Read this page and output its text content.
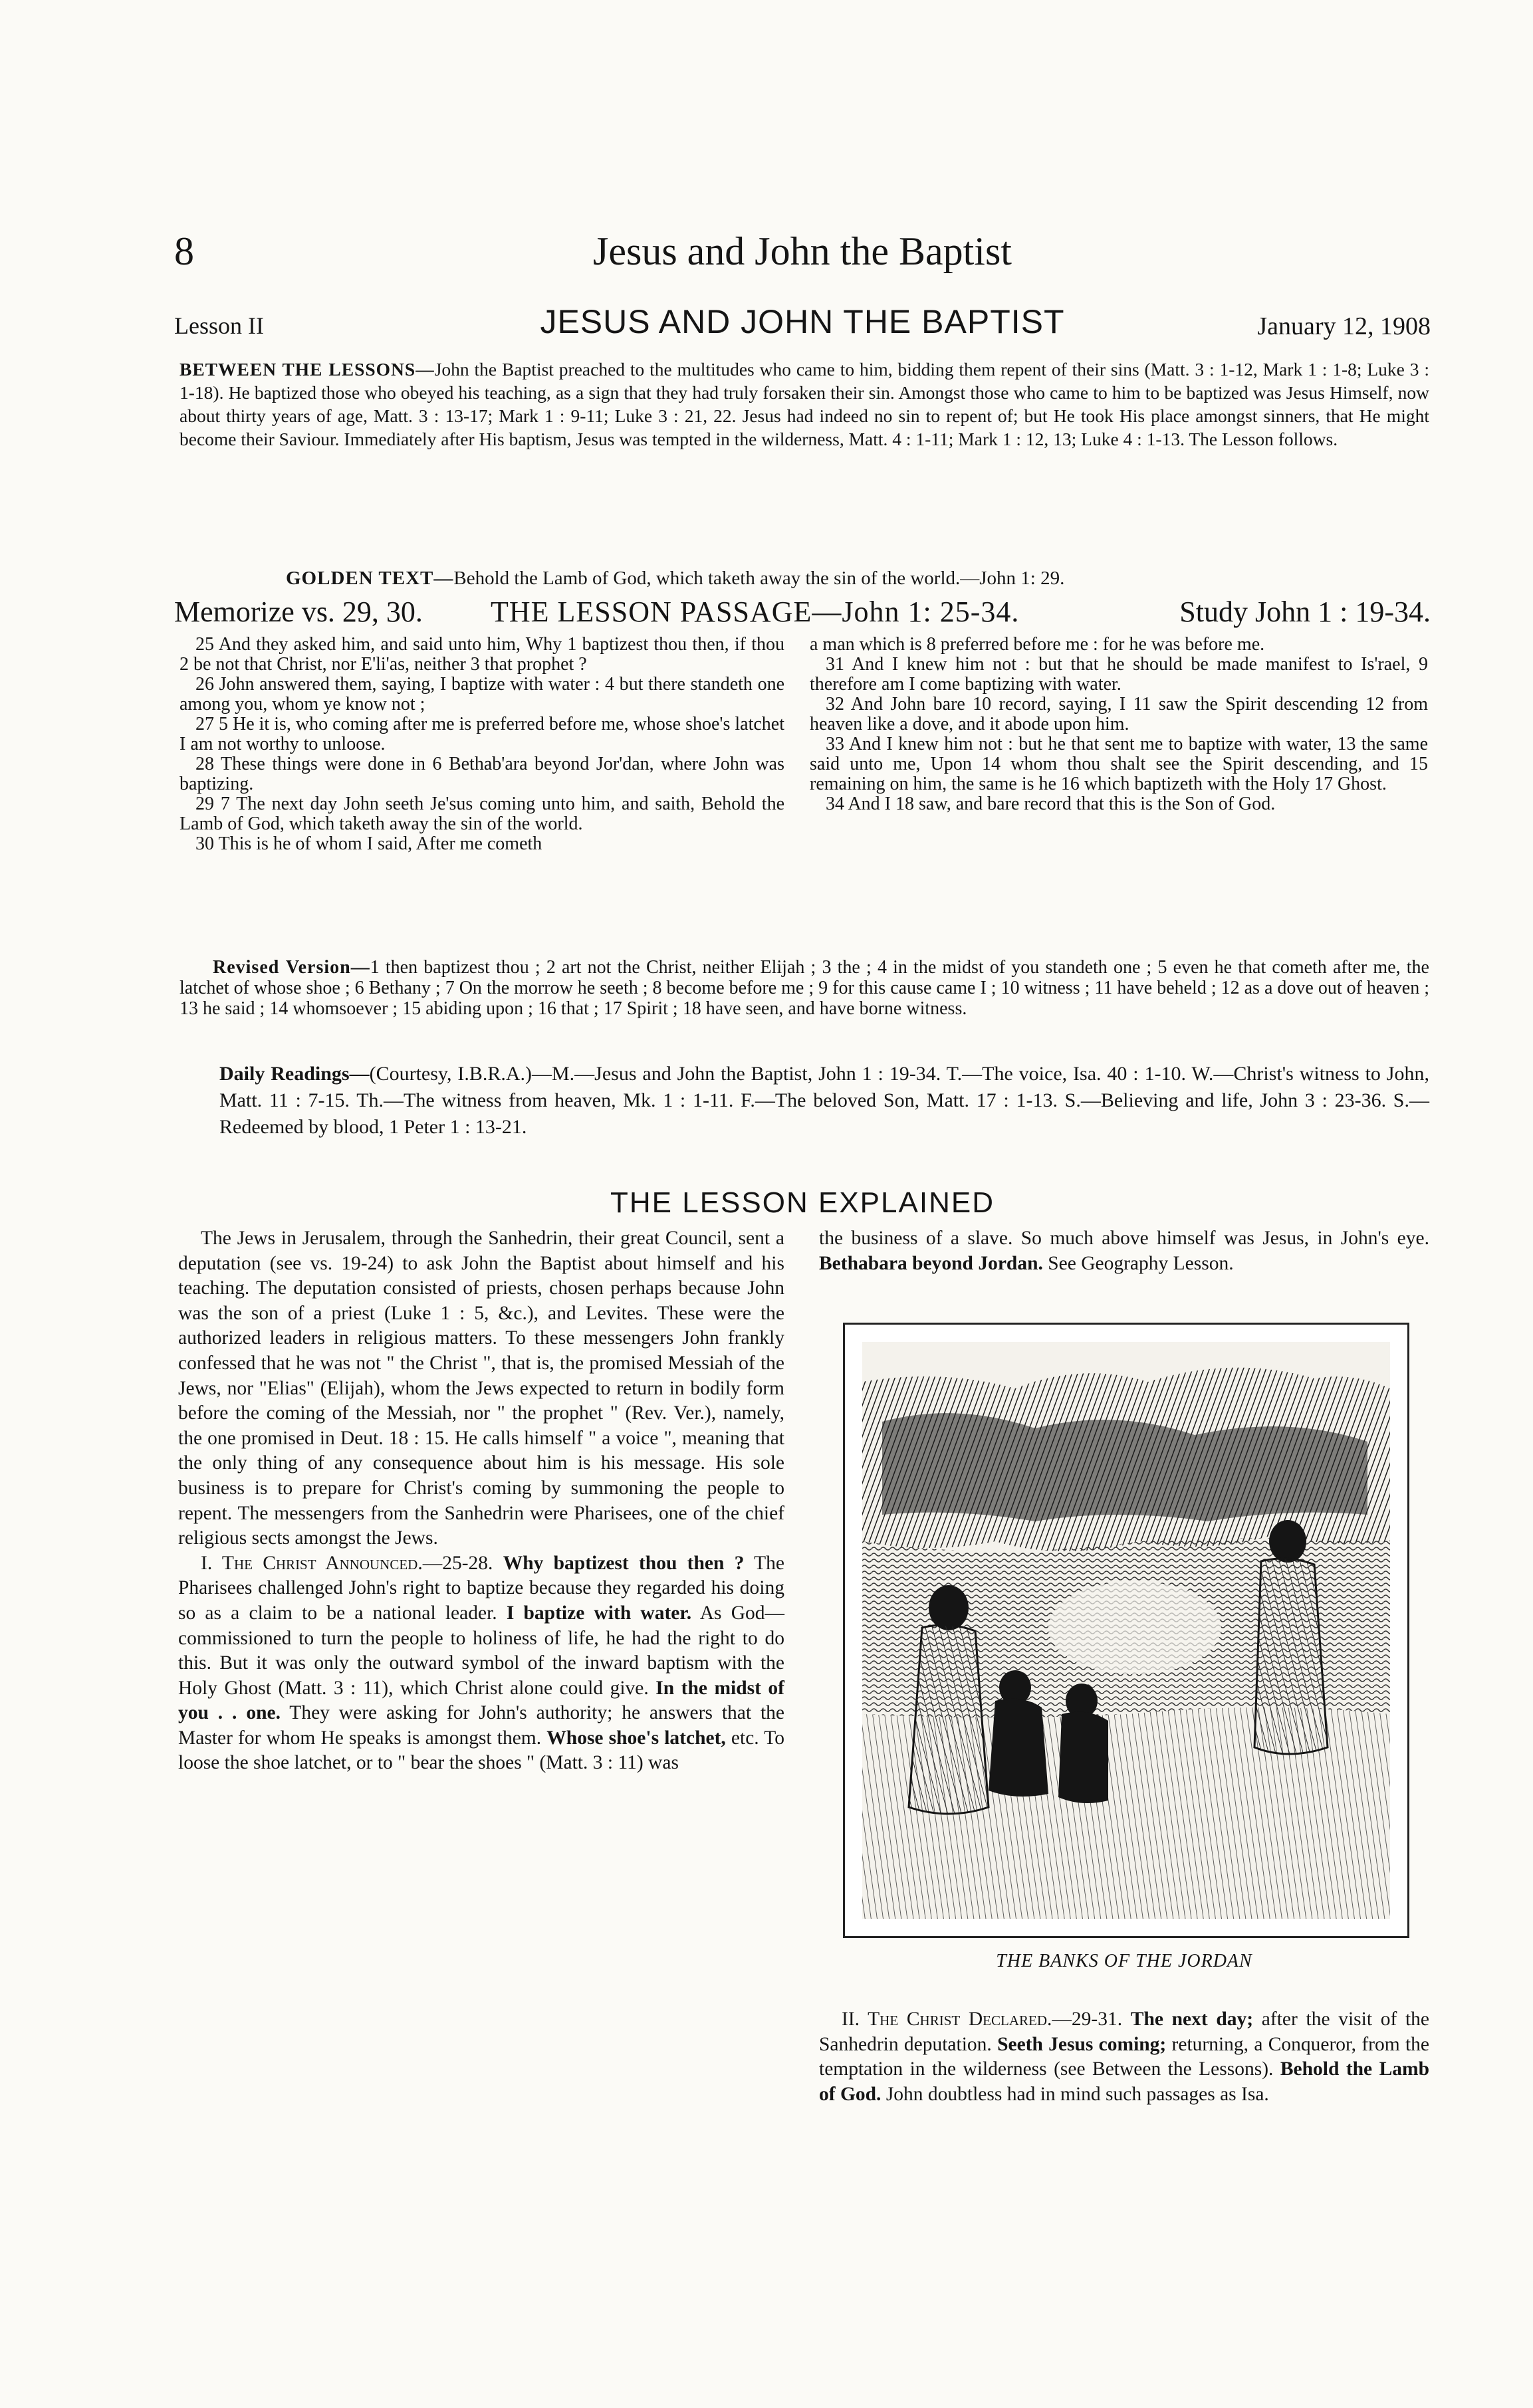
8	Jesus and John the Baptist
Lesson II	JESUS AND JOHN THE BAPTIST	January 12, 1908

BETWEEN THE LESSONS—John the Baptist preached to the multitudes who came to him, bidding them repent of their sins (Matt. 3 : 1-12, Mark 1 : 1-8; Luke 3 : 1-18). He baptized those who obeyed his teaching, as a sign that they had truly forsaken their sin. Amongst those who came to him to be baptized was Jesus Himself, now about thirty years of age, Matt. 3 : 13-17; Mark 1 : 9-11; Luke 3 : 21, 22. Jesus had indeed no sin to repent of; but He took His place amongst sinners, that He might become their Saviour. Immediately after His baptism, Jesus was tempted in the wilderness, Matt. 4 : 1-11; Mark 1 : 12, 13; Luke 4 : 1-13. The Lesson follows.

GOLDEN TEXT—Behold the Lamb of God, which taketh away the sin of the world.—John 1: 29.

Memorize vs. 29, 30. THE LESSON PASSAGE—John 1: 25-34.	Study John 1 : 19-34.

25 And they asked him, and said unto him, Why 1 baptizest thou then, if thou 2 be not that Christ, nor E'li'as, neither 3 that prophet ?

26 John answered them, saying, I baptize with water : 4 but there standeth one among you, whom ye know not ;

27 5 He it is, who coming after me is preferred before me, whose shoe's latchet I am not worthy to unloose.

28 These things were done in 6 Bethab'ara beyond Jor'dan, where John was baptizing.

29 7 The next day John seeth Je'sus coming unto him, and saith, Behold the Lamb of God, which taketh away the sin of the world.

30 This is he of whom I said, After me cometh

a man which is 8 preferred before me : for he was before me.

31 And I knew him not : but that he should be made manifest to Is'rael, 9 therefore am I come baptizing with water.

32 And John bare 10 record, saying, I 11 saw the Spirit descending 12 from heaven like a dove, and it abode upon him.

33 And I knew him not : but he that sent me to baptize with water, 13 the same said unto me, Upon 14 whom thou shalt see the Spirit descending, and 15 remaining on him, the same is he 16 which baptizeth with the Holy 17 Ghost.

34 And I 18 saw, and bare record that this is the Son of God.

Revised Version—1 then baptizest thou ; 2 art not the Christ, neither Elijah ; 3 the ; 4 in the midst of you standeth one ; 5 even he that cometh after me, the latchet of whose shoe ; 6 Bethany ; 7 On the morrow he seeth ; 8 become before me ; 9 for this cause came I ; 10 witness ; 11 have beheld ; 12 as a dove out of heaven ; 13 he said ; 14 whomsoever ; 15 abiding upon ; 16 that ; 17 Spirit ; 18 have seen, and have borne witness.

Daily Readings—(Courtesy, I.B.R.A.)—M.—Jesus and John the Baptist, John 1 : 19-34. T.—The voice, Isa. 40 : 1-10. W.—Christ's witness to John, Matt. 11 : 7-15. Th.—The witness from heaven, Mk. 1 : 1-11. F.—The beloved Son, Matt. 17 : 1-13. S.—Believing and life, John 3 : 23-36. S.—Redeemed by blood, 1 Peter 1 : 13-21.

THE LESSON EXPLAINED

The Jews in Jerusalem, through the Sanhedrin, their great Council, sent a deputation (see vs. 19-24) to ask John the Baptist about himself and his teaching. The deputation consisted of priests, chosen perhaps because John was the son of a priest (Luke 1 : 5, &c.), and Levites. These were the authorized leaders in religious matters. To these messengers John frankly confessed that he was not " the Christ ", that is, the promised Messiah of the Jews, nor "Elias" (Elijah), whom the Jews expected to return in bodily form before the coming of the Messiah, nor " the prophet " (Rev. Ver.), namely, the one promised in Deut. 18 : 15. He calls himself " a voice ", meaning that the only thing of any consequence about him is his message. His sole business is to prepare for Christ's coming by summoning the people to repent. The messengers from the Sanhedrin were Pharisees, one of the chief religious sects amongst the Jews.

I. The Christ Announced.—25-28. Why baptizest thou then ? The Pharisees challenged John's right to baptize because they regarded his doing so as a claim to be a national leader. I baptize with water. As God—commissioned to turn the people to holiness of life, he had the right to do this. But it was only the outward symbol of the inward baptism with the Holy Ghost (Matt. 3 : 11), which Christ alone could give. In the midst of you . . one. They were asking for John's authority; he answers that the Master for whom He speaks is amongst them. Whose shoe's latchet, etc. To loose the shoe latchet, or to " bear the shoes " (Matt. 3 : 11) was

the business of a slave. So much above himself was Jesus, in John's eye. Bethabara beyond Jordan. See Geography Lesson.

THE BANKS OF THE JORDAN

II. The Christ Declared.—29-31. The next day; after the visit of the Sanhedrin deputation. Seeth Jesus coming; returning, a Conqueror, from the temptation in the wilderness (see Between the Lessons). Behold the Lamb of God. John doubtless had in mind such passages as Isa.
